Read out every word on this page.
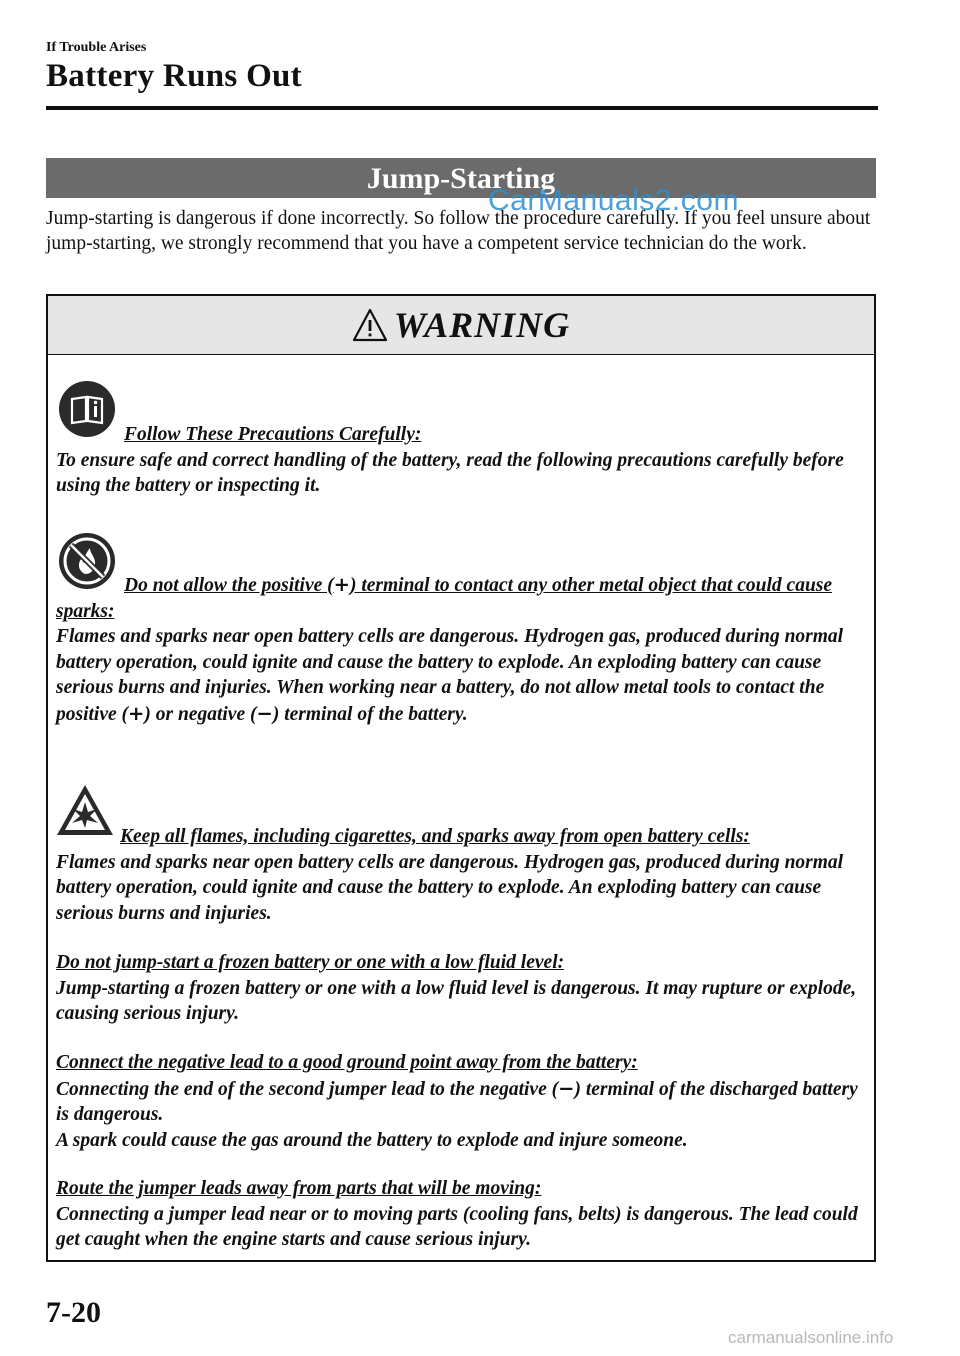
If Trouble Arises
Battery Runs Out
Jump-Starting
CarManuals2.com
Jump-starting is dangerous if done incorrectly. So follow the procedure carefully. If you feel unsure about jump-starting, we strongly recommend that you have a competent service technician do the work.
WARNING
Follow These Precautions Carefully:
To ensure safe and correct handling of the battery, read the following precautions carefully before using the battery or inspecting it.
Do not allow the positive (+) terminal to contact any other metal object that could cause sparks:
Flames and sparks near open battery cells are dangerous. Hydrogen gas, produced during normal battery operation, could ignite and cause the battery to explode. An exploding battery can cause serious burns and injuries. When working near a battery, do not allow metal tools to contact the positive (+) or negative (−) terminal of the battery.
Keep all flames, including cigarettes, and sparks away from open battery cells:
Flames and sparks near open battery cells are dangerous. Hydrogen gas, produced during normal battery operation, could ignite and cause the battery to explode. An exploding battery can cause serious burns and injuries.
Do not jump-start a frozen battery or one with a low fluid level:
Jump-starting a frozen battery or one with a low fluid level is dangerous. It may rupture or explode, causing serious injury.
Connect the negative lead to a good ground point away from the battery:
Connecting the end of the second jumper lead to the negative (−) terminal of the discharged battery is dangerous.
A spark could cause the gas around the battery to explode and injure someone.
Route the jumper leads away from parts that will be moving:
Connecting a jumper lead near or to moving parts (cooling fans, belts) is dangerous. The lead could get caught when the engine starts and cause serious injury.
7-20
carmanualsonline.info
